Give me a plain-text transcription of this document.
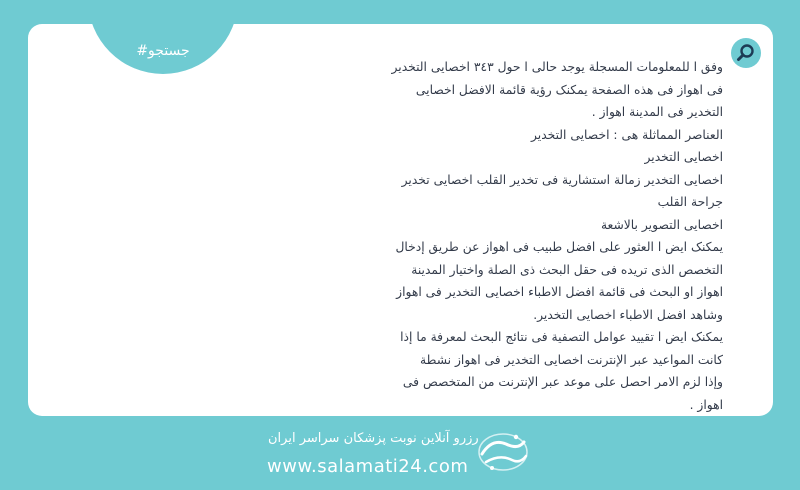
#جستجو
وفق ا للمعلومات المسجلة يوجد حالی ا حول ٣٤٣ اخصایی التخدیر
فی اهواز فی هذه الصفحة یمکنک رؤیة قائمة الافضل اخصایی
التخدیر فی المدینة اهواز .
العناصر المماثلة هی : اخصایی التخدیر
اخصایی التخدیر
اخصایی التخدیر زمالة استشاریة فی تخدیر القلب اخصایی تخدیر
جراحة القلب
اخصایی التصویر بالاشعة
یمکنک ایض ا العثور علی افضل طبیب فی اهواز عن طریق إدخال
التخصص الذی تریده فی حقل البحث ذی الصلة واختیار المدینة
اهواز او البحث فی قائمة افضل الاطباء اخصایی التخدیر فی اهواز
وشاهد افضل الاطباء اخصایی التخدیر.
یمکنک ایض ا تقیید عوامل التصفیة فی نتائج البحث لمعرفة ما إذا
کانت المواعید عبر الإنترنت اخصایی التخدیر فی اهواز نشطة
وإذا لزم الامر احصل علی موعد عبر الإنترنت من المتخصص فی
اهواز .
رزرو آنلاین نوبت پزشکان سراسر ایران
www.salamati24.com
